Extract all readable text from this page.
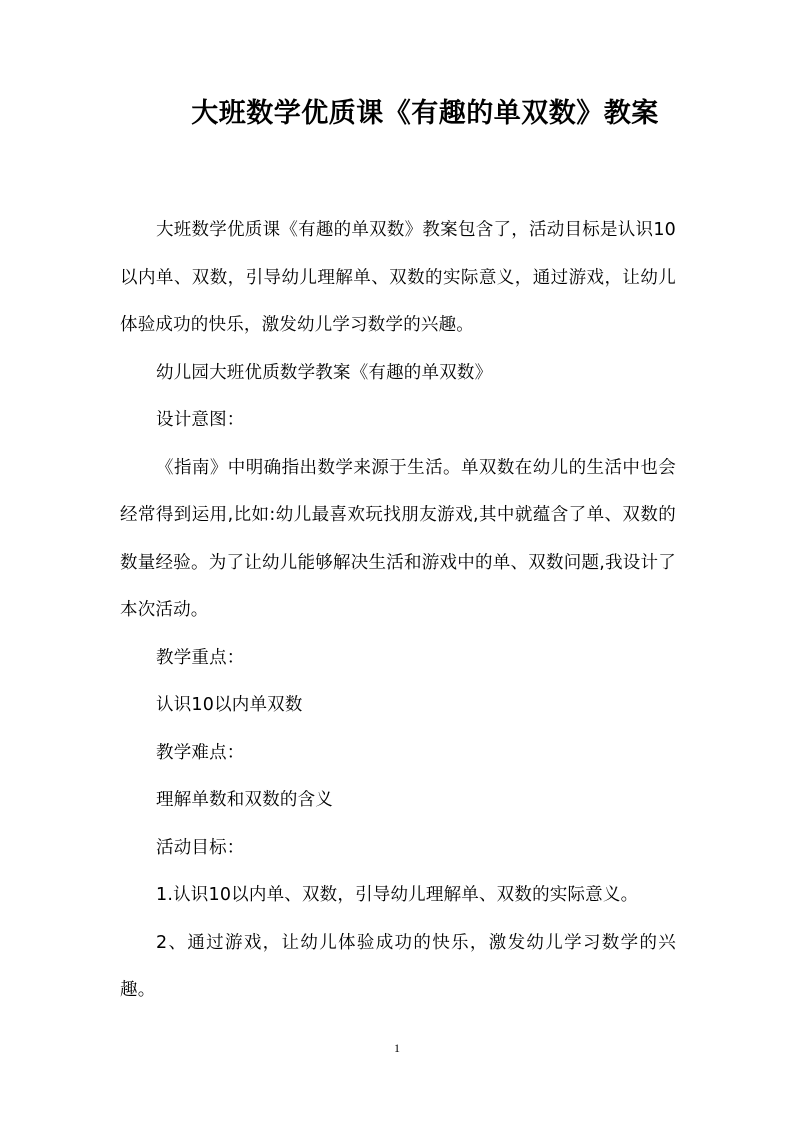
大班数学优质课《有趣的单双数》教案

大班数学优质课《有趣的单双数》教案包含了，活动目标是认识10以内单、双数，引导幼儿理解单、双数的实际意义，通过游戏，让幼儿体验成功的快乐，激发幼儿学习数学的兴趣。

幼儿园大班优质数学教案《有趣的单双数》

设计意图：

《指南》中明确指出数学来源于生活。单双数在幼儿的生活中也会经常得到运用,比如:幼儿最喜欢玩找朋友游戏,其中就蕴含了单、双数的数量经验。为了让幼儿能够解决生活和游戏中的单、双数问题,我设计了本次活动。

教学重点：

认识10以内单双数

教学难点：

理解单数和双数的含义

活动目标：

1.认识10以内单、双数，引导幼儿理解单、双数的实际意义。

2、通过游戏，让幼儿体验成功的快乐，激发幼儿学习数学的兴趣。

1
